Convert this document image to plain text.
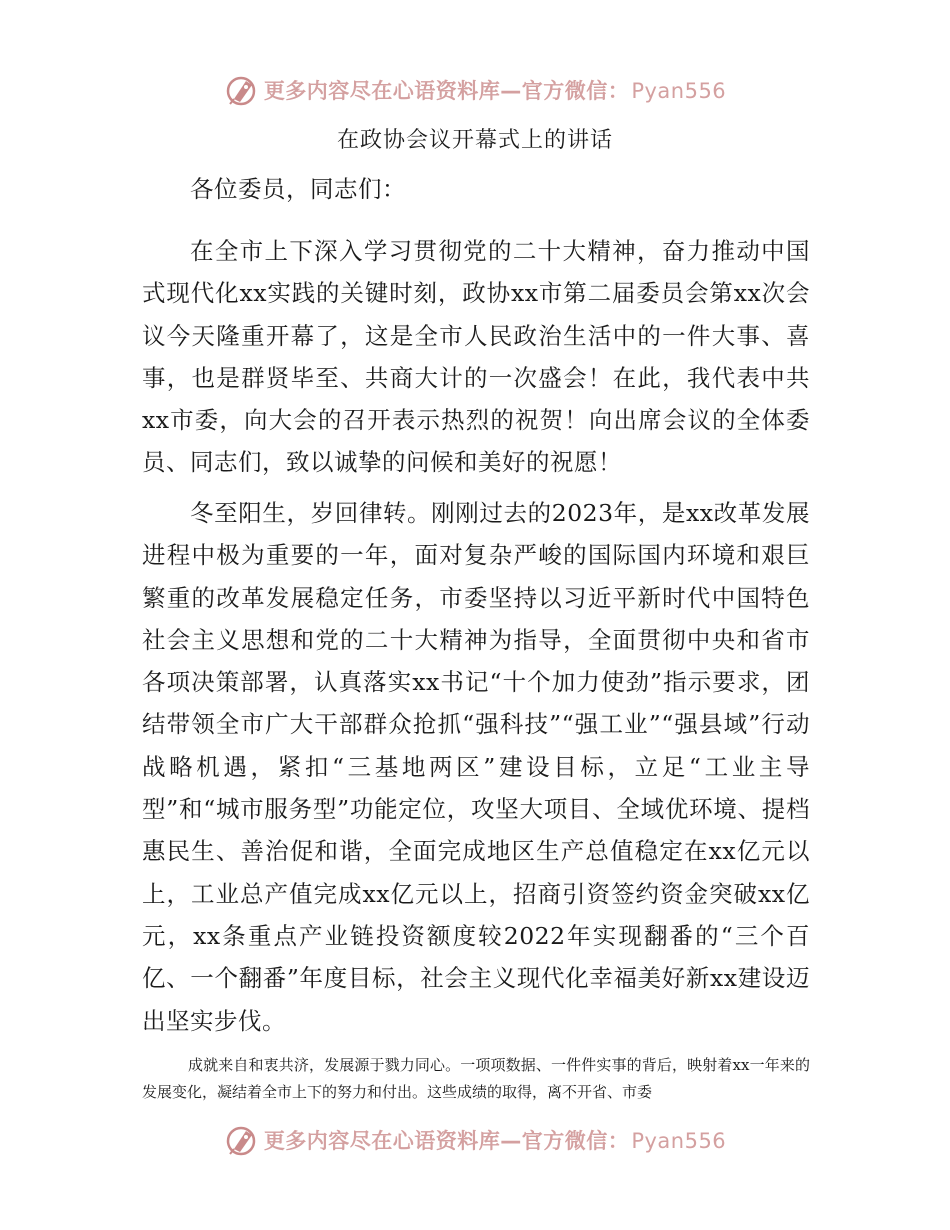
更多内容尽在心语资料库—官方微信：Pyan556
在政协会议开幕式上的讲话
各位委员，同志们：
在全市上下深入学习贯彻党的二十大精神，奋力推动中国式现代化xx实践的关键时刻，政协xx市第二届委员会第xx次会议今天隆重开幕了，这是全市人民政治生活中的一件大事、喜事，也是群贤毕至、共商大计的一次盛会！在此，我代表中共xx市委，向大会的召开表示热烈的祝贺！向出席会议的全体委员、同志们，致以诚挚的问候和美好的祝愿！
冬至阳生，岁回律转。刚刚过去的2023年，是xx改革发展进程中极为重要的一年，面对复杂严峻的国际国内环境和艰巨繁重的改革发展稳定任务，市委坚持以习近平新时代中国特色社会主义思想和党的二十大精神为指导，全面贯彻中央和省市各项决策部署，认真落实xx书记“十个加力使劲”指示要求，团结带领全市广大干部群众抢抓“强科技”“强工业”“强县域”行动战略机遇，紧扣“三基地两区”建设目标，立足“工业主导型”和“城市服务型”功能定位，攻坚大项目、全域优环境、提档惠民生、善治促和谐，全面完成地区生产总值稳定在xx亿元以上，工业总产值完成xx亿元以上，招商引资签约资金突破xx亿元，xx条重点产业链投资额度较2022年实现翻番的“三个百亿、一个翻番”年度目标，社会主义现代化幸福美好新xx建设迈出坚实步伐。
成就来自和衷共济，发展源于戮力同心。一项项数据、一件件实事的背后，映射着xx一年来的发展变化，凝结着全市上下的努力和付出。这些成绩的取得，离不开省、市委
更多内容尽在心语资料库—官方微信：Pyan556
